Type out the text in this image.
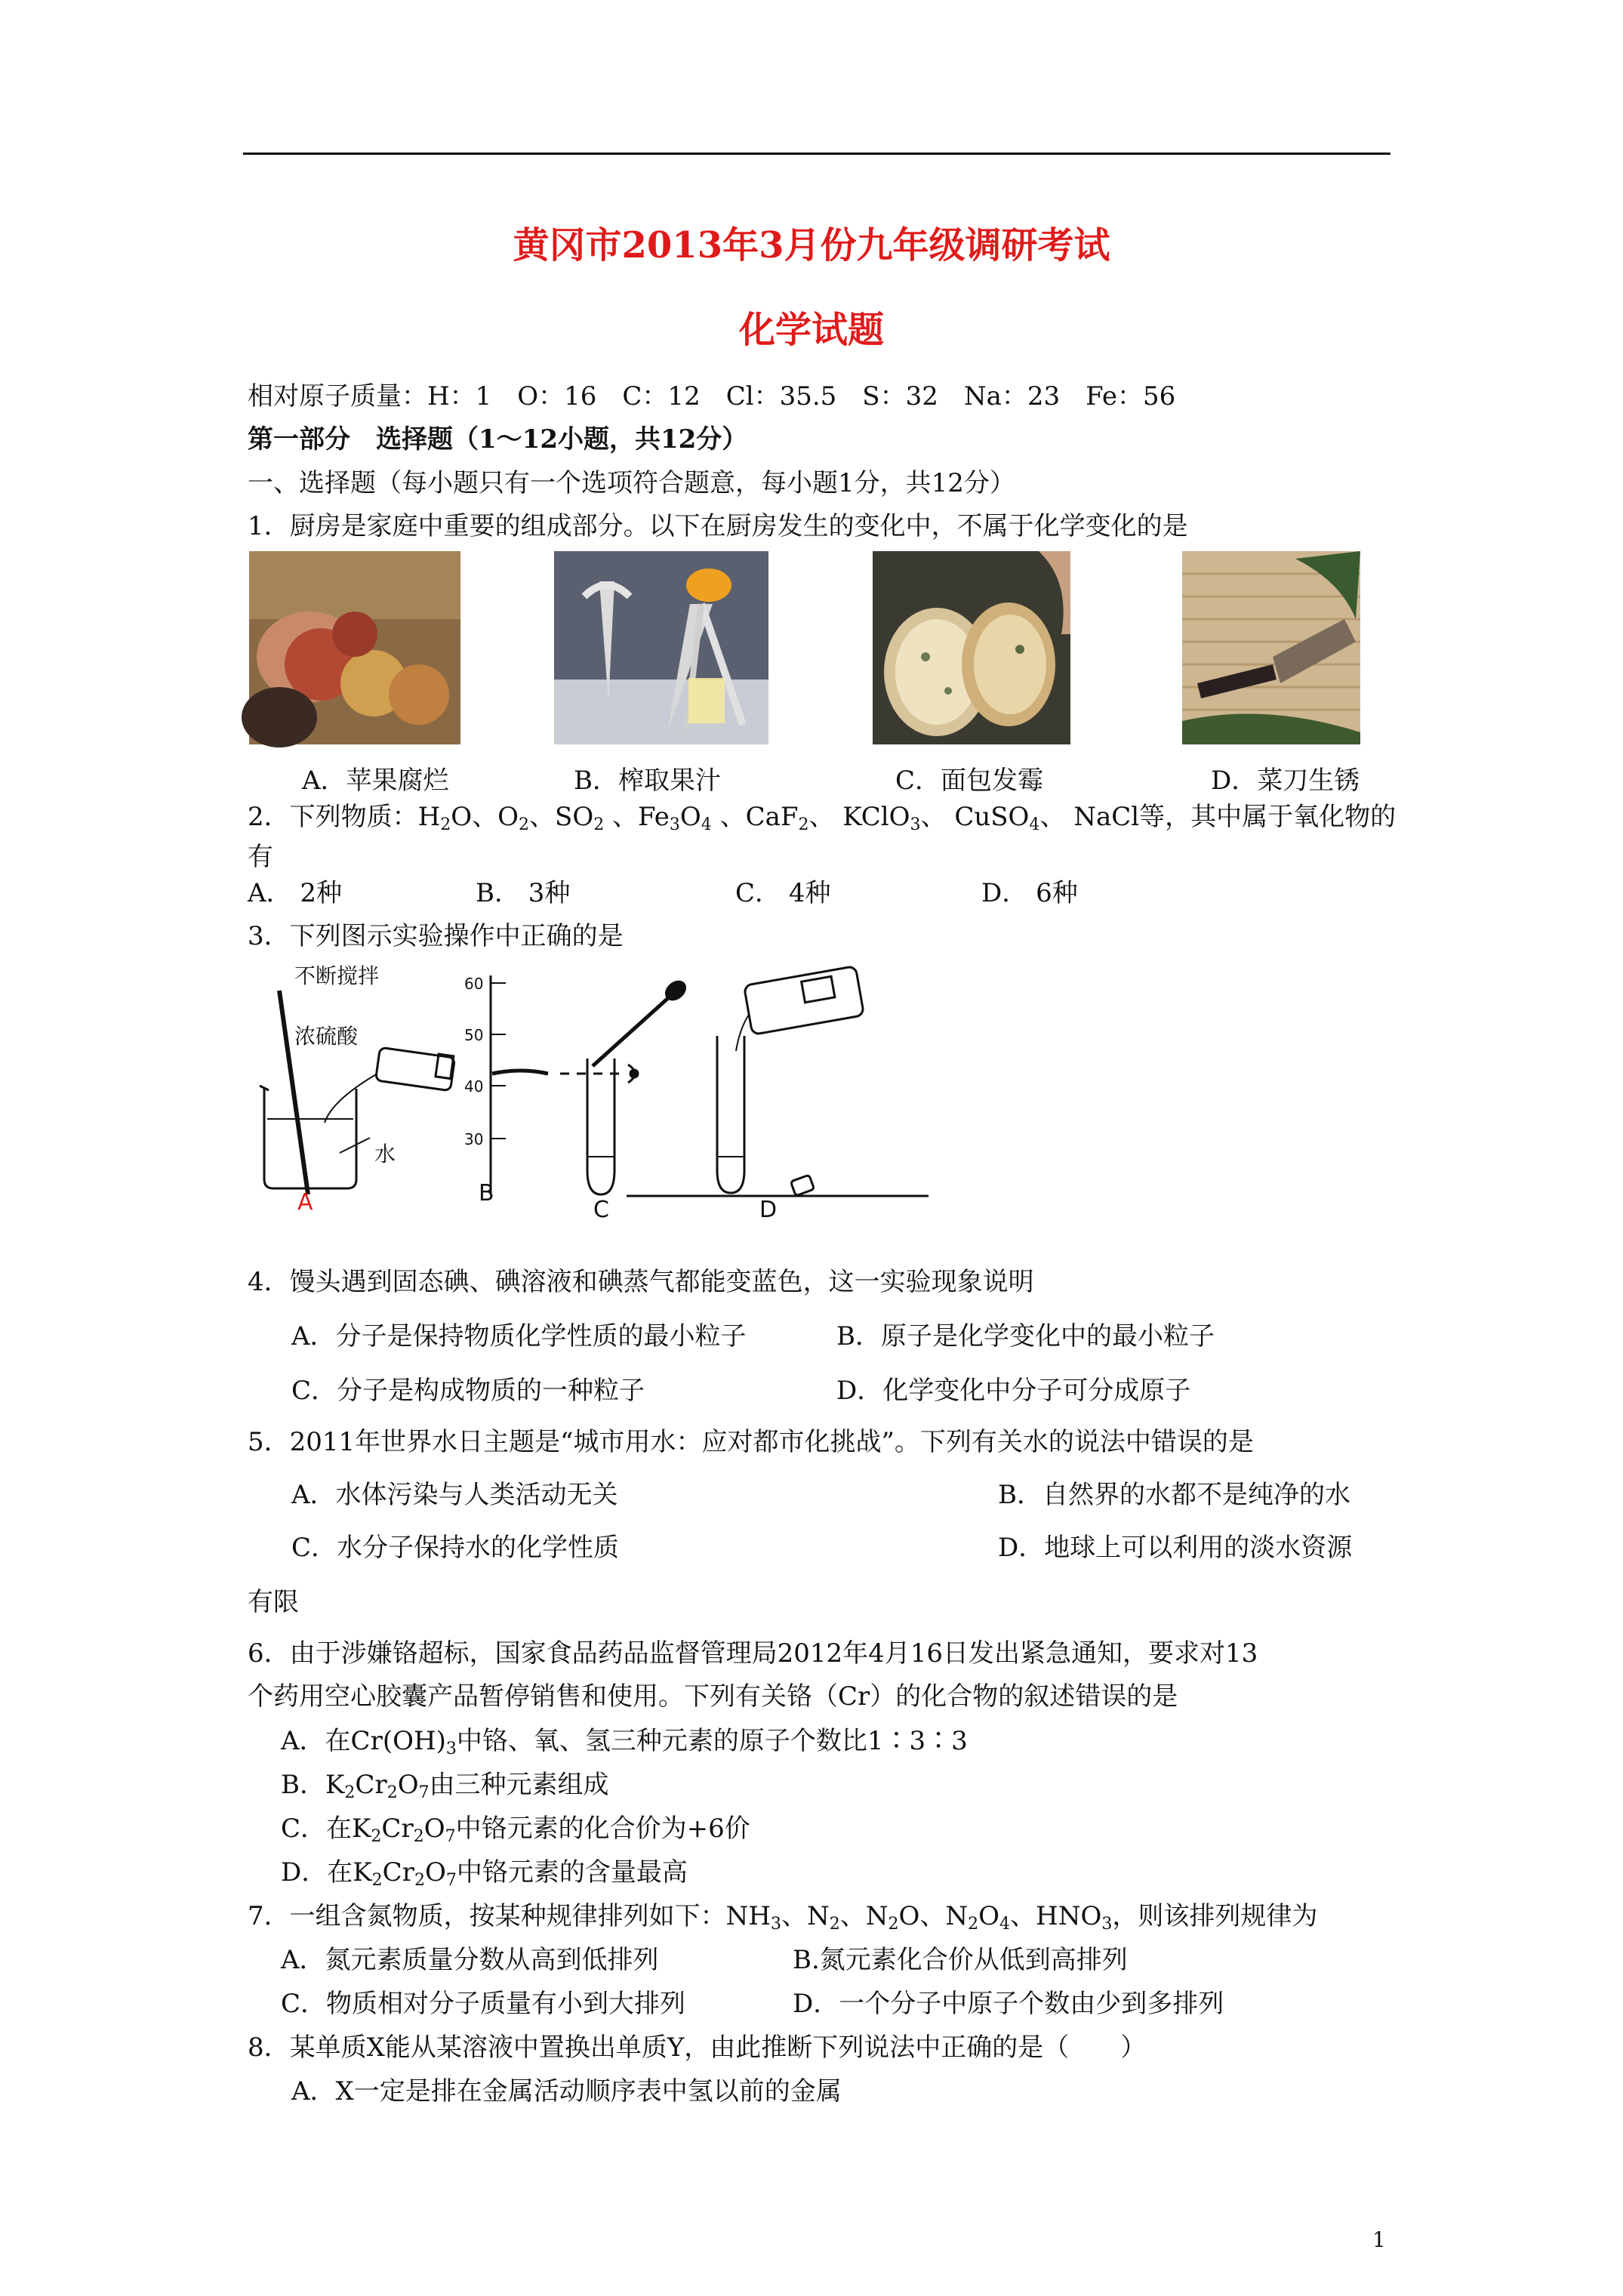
黄冈市2013年3月份九年级调研考试
化学试题
相对原子质量：H：1　O：16　C：12　Cl：35.5　S：32　Na：23　Fe：56
第一部分　选择题（1～12小题，共12分）
一、选择题（每小题只有一个选项符合题意，每小题1分，共12分）
1．厨房是家庭中重要的组成部分。以下在厨房发生的变化中，不属于化学变化的是
A．苹果腐烂	B．榨取果汁	C．面包发霉	D．菜刀生锈
2．下列物质：$H_2O$、$O_2$、$SO_2$ 、$Fe_3O_4$ 、CaF$_2$、 KClO$_3$、 CuSO$_4$、 NaCl等，其中属于氧化物的
有
A． 2种	B． 3种	C． 4种	D． 6种
3．下列图示实验操作中正确的是
不断搅拌
浓硫酸
水
60
50
40
30
A	B
C	D
4．馒头遇到固态碘、碘溶液和碘蒸气都能变蓝色，这一实验现象说明
A．分子是保持物质化学性质的最小粒子	B．原子是化学变化中的最小粒子
C．分子是构成物质的一种粒子	D．化学变化中分子可分成原子
5．2011年世界水日主题是“城市用水：应对都市化挑战”。下列有关水的说法中错误的是
A．水体污染与人类活动无关	B．自然界的水都不是纯净的水
C．水分子保持水的化学性质	D．地球上可以利用的淡水资源
有限
6．由于涉嫌铬超标，国家食品药品监督管理局2012年4月16日发出紧急通知，要求对13
个药用空心胶囊产品暂停销售和使用。下列有关铬（Cr）的化合物的叙述错误的是
A．在$Cr(OH)_3$中铬、氧、氢三种元素的原子个数比1∶3∶3
B．$K_2Cr_2O_7$由三种元素组成
C．在$K_2Cr_2O_7$中铬元素的化合价为+6价
D．在$K_2Cr_2O_7$中铬元素的含量最高
7．一组含氮物质，按某种规律排列如下：$NH_3$、$N_2$、$N_2O$、$N_2O_4$、$HNO_3$，则该排列规律为
A．氮元素质量分数从高到低排列	B.氮元素化合价从低到高排列
C．物质相对分子质量有小到大排列	D．一个分子中原子个数由少到多排列
8．某单质X能从某溶液中置换出单质Y，由此推断下列说法中正确的是（　　）
A．X一定是排在金属活动顺序表中氢以前的金属
1
